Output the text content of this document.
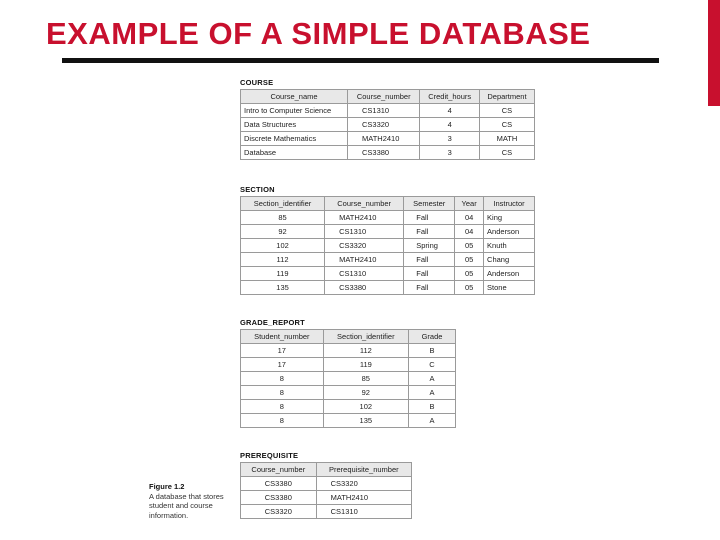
EXAMPLE OF A SIMPLE DATABASE
COURSE
Course_name	Course_number	Credit_hours	Department
Intro to Computer Science	CS1310	4	CS
Data Structures	CS3320	4	CS
Discrete Mathematics	MATH2410	3	MATH
Database	CS3380	3	CS
SECTION
Section_identifier	Course_number	Semester	Year	Instructor
85	MATH2410	Fall	04	King
92	CS1310	Fall	04	Anderson
102	CS3320	Spring	05	Knuth
112	MATH2410	Fall	05	Chang
119	CS1310	Fall	05	Anderson
135	CS3380	Fall	05	Stone
GRADE_REPORT
Student_number	Section_identifier	Grade
17	112	B
17	119	C
8	85	A
8	92	A
8	102	B
8	135	A
PREREQUISITE
Course_number	Prerequisite_number
CS3380	CS3320
CS3380	MATH2410
CS3320	CS1310
Figure 1.2
A database that stores student and course information.
